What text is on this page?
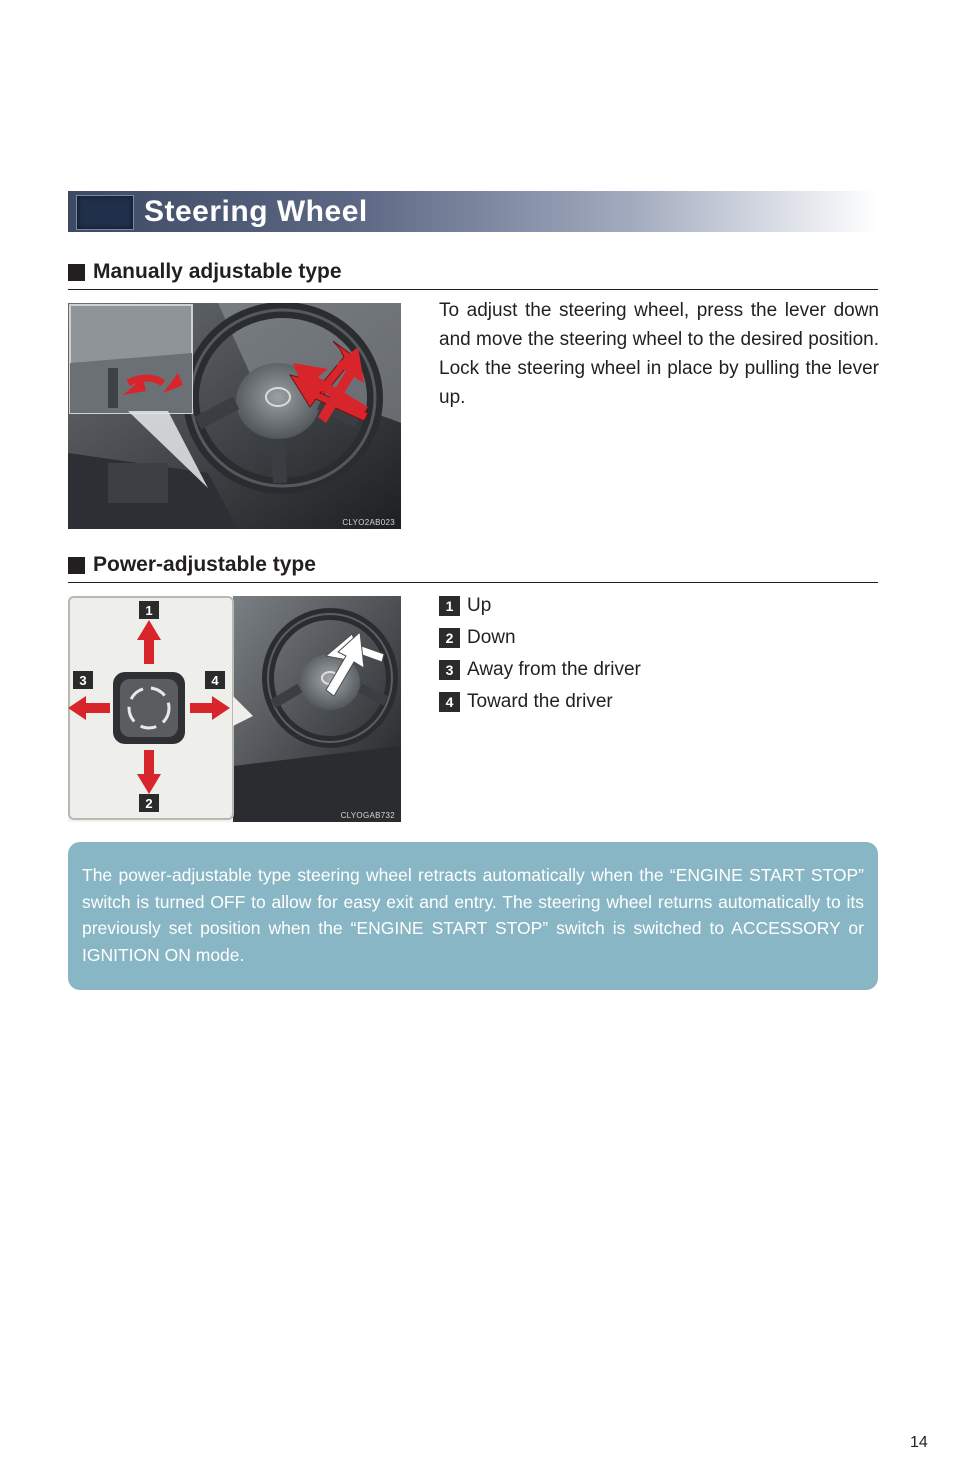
Steering Wheel
Manually adjustable type
CLYO2AB023

To adjust the steering wheel, press the lever down and move the steering wheel to the desired position. Lock the steering wheel in place by pulling the lever up.

Power-adjustable type
1
2
3	4
CLYOGAB732
1 Up
2 Down
3 Away from the driver
4 Toward the driver

The power-adjustable type steering wheel retracts automatically when the “ENGINE START STOP” switch is turned OFF to allow for easy exit and entry. The steering wheel returns automatically to its previously set position when the “ENGINE START STOP” switch is switched to ACCESSORY or IGNITION ON mode.

14
